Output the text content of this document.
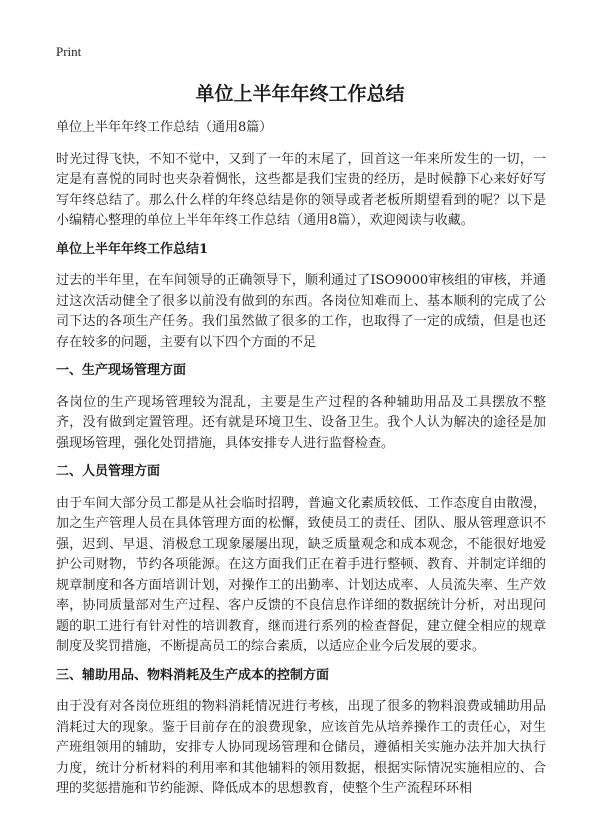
Print
单位上半年年终工作总结

单位上半年年终工作总结（通用8篇）

时光过得飞快，不知不觉中，又到了一年的末尾了，回首这一年来所发生的一切，一定是有喜悦的同时也夹杂着惆怅，这些都是我们宝贵的经历，是时候静下心来好好写写年终总结了。那么什么样的年终总结是你的领导或者老板所期望看到的呢？以下是小编精心整理的单位上半年年终工作总结（通用8篇），欢迎阅读与收藏。

单位上半年年终工作总结1

过去的半年里，在车间领导的正确领导下，顺利通过了ISO9000审核组的审核，并通过这次活动健全了很多以前没有做到的东西。各岗位知难而上、基本顺利的完成了公司下达的各项生产任务。我们虽然做了很多的工作，也取得了一定的成绩，但是也还存在较多的问题，主要有以下四个方面的不足

一、生产现场管理方面

各岗位的生产现场管理较为混乱，主要是生产过程的各种辅助用品及工具摆放不整齐，没有做到定置管理。还有就是环境卫生、设备卫生。我个人认为解决的途径是加强现场管理，强化处罚措施，具体安排专人进行监督检查。

二、人员管理方面

由于车间大部分员工都是从社会临时招聘，普遍文化素质较低、工作态度自由散漫，加之生产管理人员在具体管理方面的松懈，致使员工的责任、团队、服从管理意识不强，迟到、早退、消极怠工现象屡屡出现，缺乏质量观念和成本观念，不能很好地爱护公司财物，节约各项能源。在这方面我们正在着手进行整顿、教育、并制定详细的规章制度和各方面培训计划，对操作工的出勤率、计划达成率、人员流失率、生产效率，协同质量部对生产过程、客户反馈的不良信息作详细的数据统计分析，对出现问题的职工进行有针对性的培训教育，继而进行系列的检查督促，建立健全相应的规章制度及奖罚措施，不断提高员工的综合素质，以适应企业今后发展的要求。

三、辅助用品、物料消耗及生产成本的控制方面

由于没有对各岗位班组的物料消耗情况进行考核，出现了很多的物料浪费或辅助用品消耗过大的现象。鉴于目前存在的浪费现象，应该首先从培养操作工的责任心，对生产班组领用的辅助，安排专人协同现场管理和仓储员，遵循相关实施办法并加大执行力度，统计分析材料的利用率和其他辅料的领用数据，根据实际情况实施相应的、合理的奖惩措施和节约能源、降低成本的思想教育，使整个生产流程环环相
